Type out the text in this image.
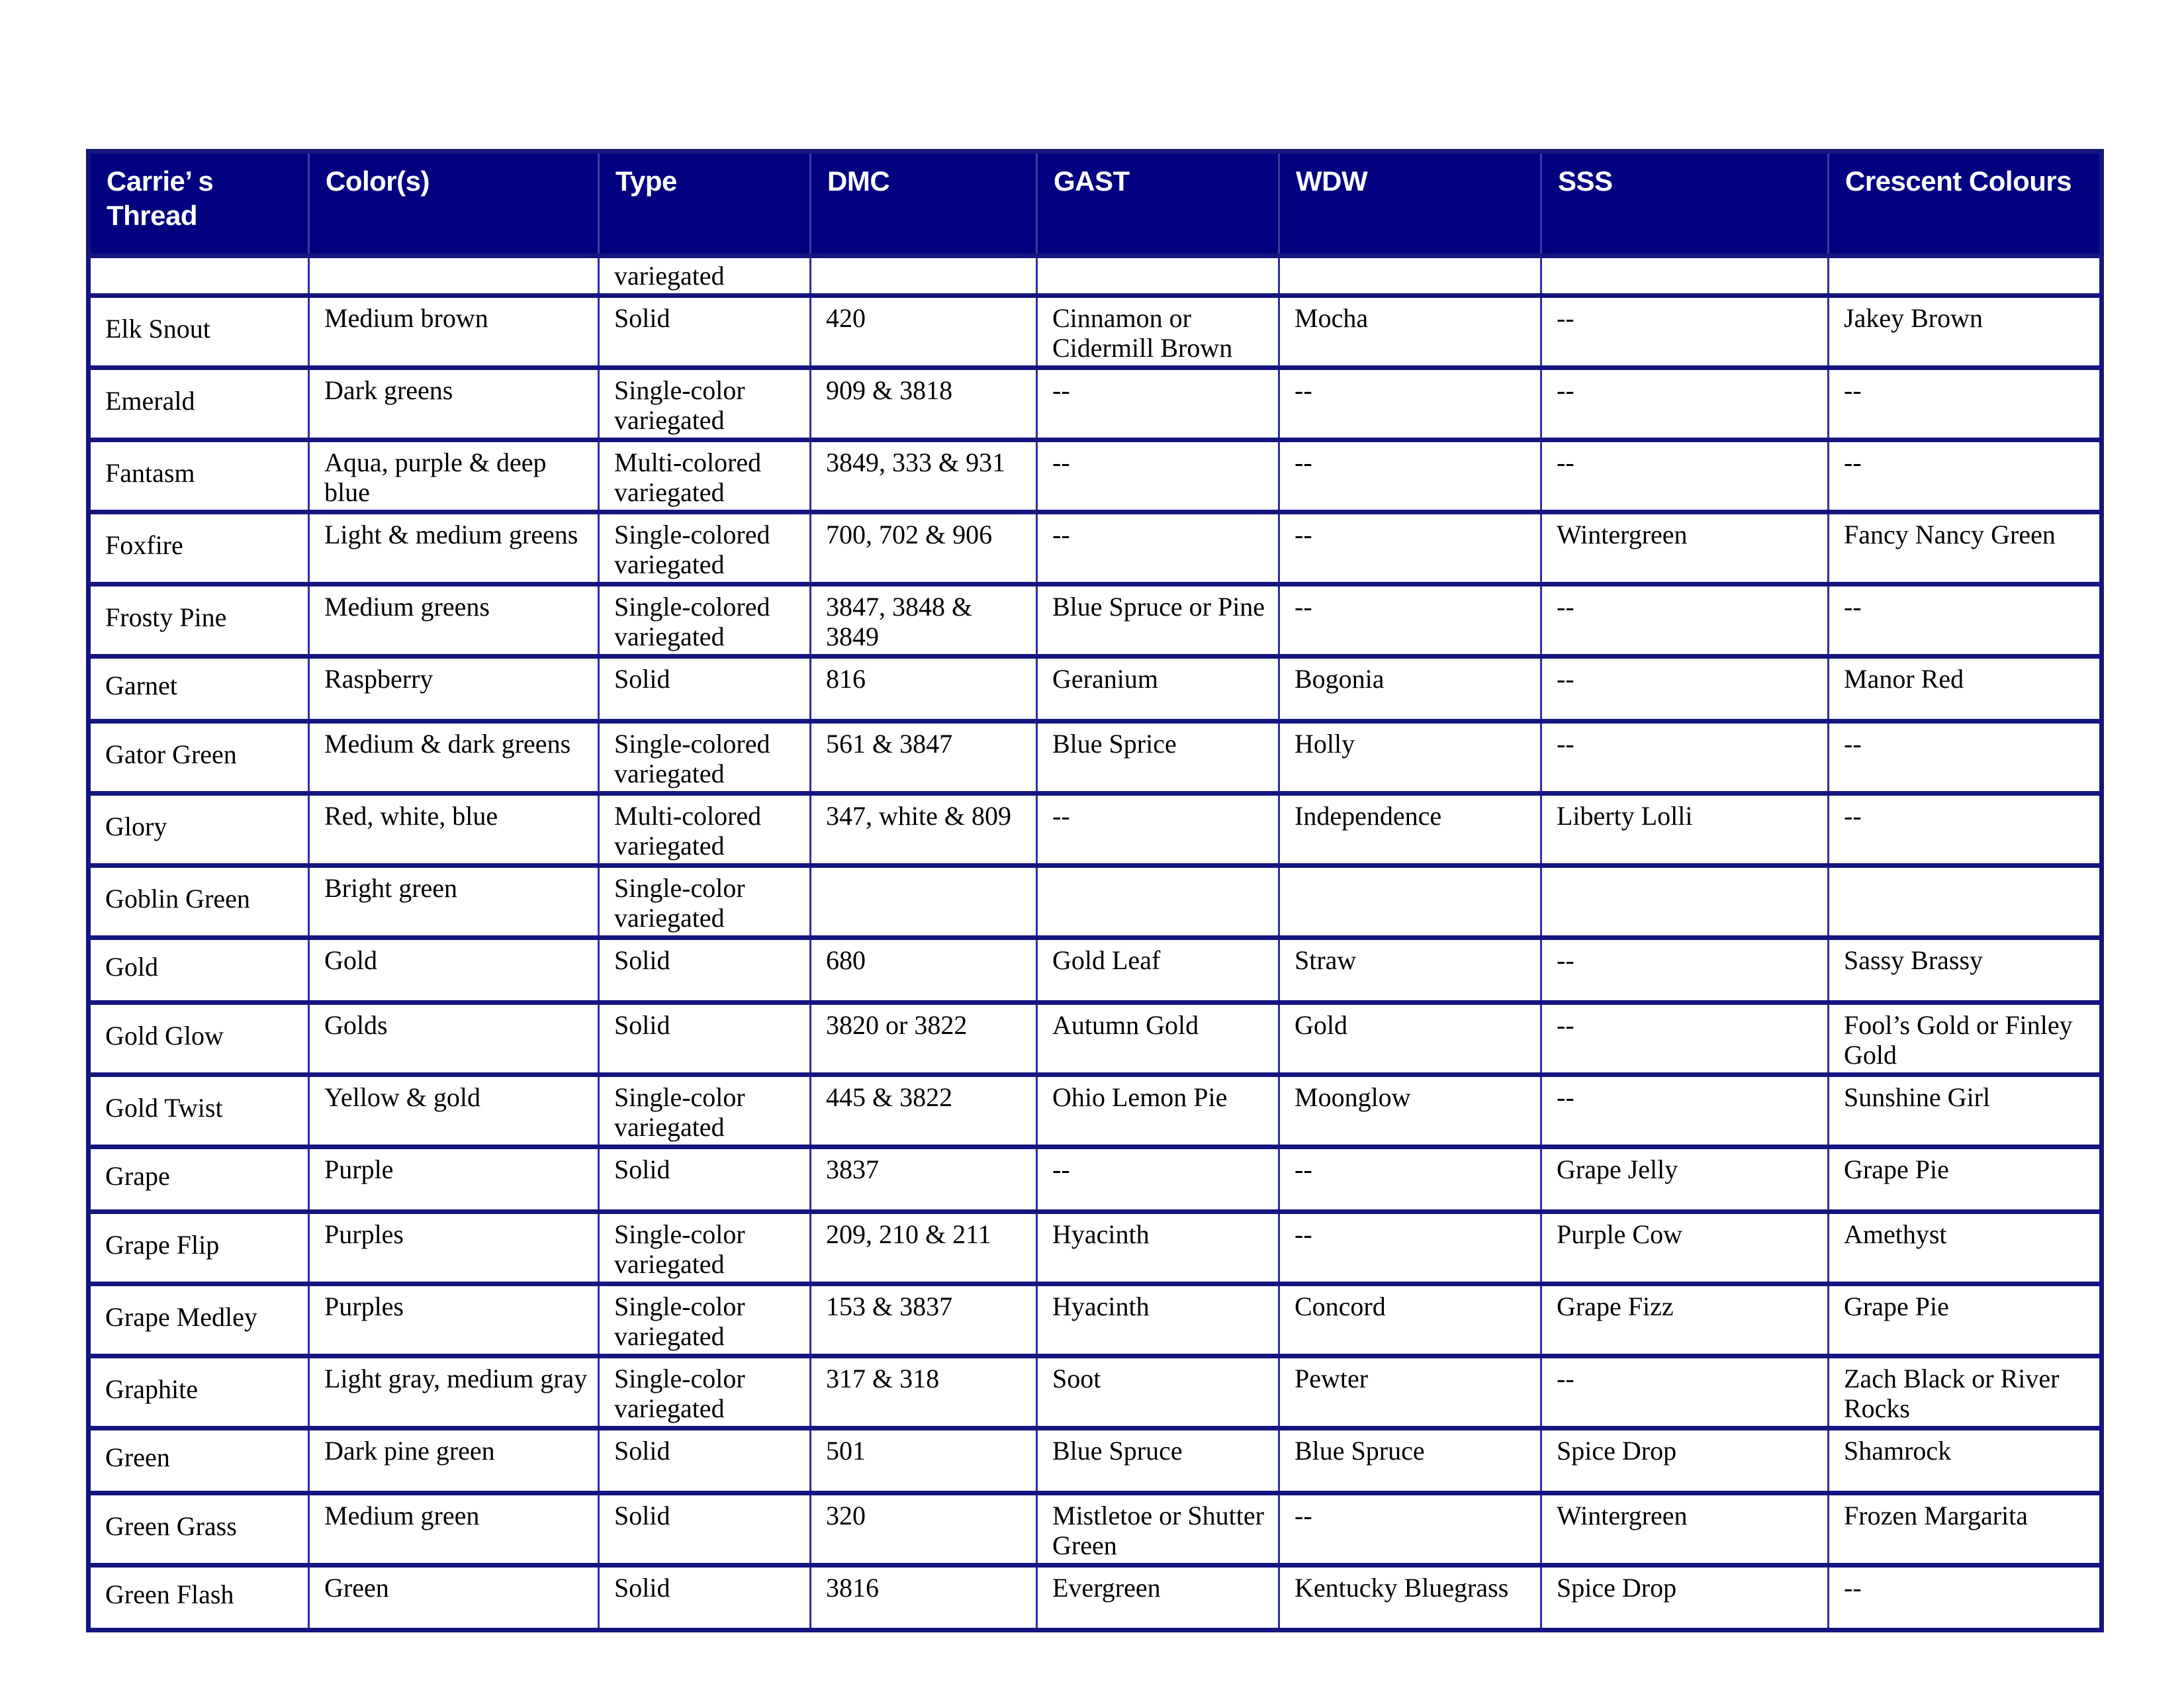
Carrie’ s Thread	Color(s)	Type	DMC	GAST	WDW	SSS	Crescent Colours
		variegated					
Elk Snout	Medium brown	Solid	420	Cinnamon or Cidermill Brown	Mocha	--	Jakey Brown
Emerald	Dark greens	Single-color variegated	909 & 3818	--	--	--	--
Fantasm	Aqua, purple & deep blue	Multi-colored variegated	3849, 333 & 931	--	--	--	--
Foxfire	Light & medium greens	Single-colored variegated	700, 702 & 906	--	--	Wintergreen	Fancy Nancy Green
Frosty Pine	Medium greens	Single-colored variegated	3847, 3848 & 3849	Blue Spruce or Pine	--	--	--
Garnet	Raspberry	Solid	816	Geranium	Bogonia	--	Manor Red
Gator Green	Medium & dark greens	Single-colored variegated	561 & 3847	Blue Sprice	Holly	--	--
Glory	Red, white, blue	Multi-colored variegated	347, white & 809	--	Independence	Liberty Lolli	--
Goblin Green	Bright green	Single-color variegated					
Gold	Gold	Solid	680	Gold Leaf	Straw	--	Sassy Brassy
Gold Glow	Golds	Solid	3820 or 3822	Autumn Gold	Gold	--	Fool’s Gold or Finley Gold
Gold Twist	Yellow & gold	Single-color variegated	445 & 3822	Ohio Lemon Pie	Moonglow	--	Sunshine Girl
Grape	Purple	Solid	3837	--	--	Grape Jelly	Grape Pie
Grape Flip	Purples	Single-color variegated	209, 210 & 211	Hyacinth	--	Purple Cow	Amethyst
Grape Medley	Purples	Single-color variegated	153 & 3837	Hyacinth	Concord	Grape Fizz	Grape Pie
Graphite	Light gray, medium gray	Single-color variegated	317 & 318	Soot	Pewter	--	Zach Black or River Rocks
Green	Dark pine green	Solid	501	Blue Spruce	Blue Spruce	Spice Drop	Shamrock
Green Grass	Medium green	Solid	320	Mistletoe or Shutter Green	--	Wintergreen	Frozen Margarita
Green Flash	Green	Solid	3816	Evergreen	Kentucky Bluegrass	Spice Drop	--
